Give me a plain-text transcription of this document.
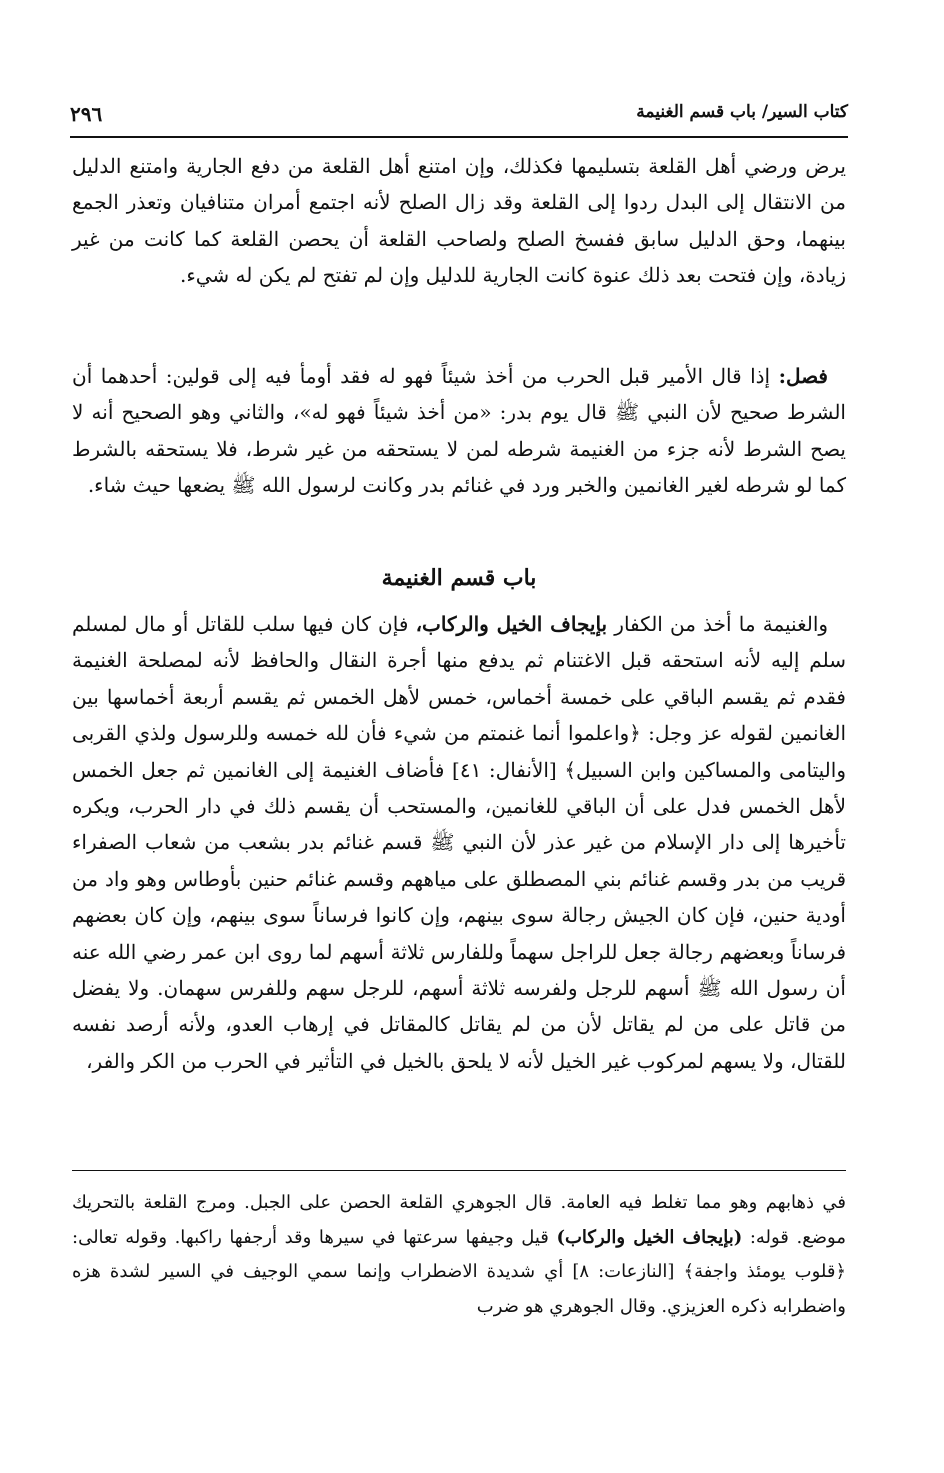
كتاب السير/ باب قسم الغنيمة
٢٩٦

يرض ورضي أهل القلعة بتسليمها فكذلك، وإن امتنع أهل القلعة من دفع الجارية وامتنع الدليل من الانتقال إلى البدل ردوا إلى القلعة وقد زال الصلح لأنه اجتمع أمران متنافيان وتعذر الجمع بينهما، وحق الدليل سابق ففسخ الصلح ولصاحب القلعة أن يحصن القلعة كما كانت من غير زيادة، وإن فتحت بعد ذلك عنوة كانت الجارية للدليل وإن لم تفتح لم يكن له شيء.

فصل: إذا قال الأمير قبل الحرب من أخذ شيئاً فهو له فقد أومأ فيه إلى قولين: أحدهما أن الشرط صحيح لأن النبي ﷺ قال يوم بدر: «من أخذ شيئاً فهو له»، والثاني وهو الصحيح أنه لا يصح الشرط لأنه جزء من الغنيمة شرطه لمن لا يستحقه من غير شرط، فلا يستحقه بالشرط كما لو شرطه لغير الغانمين والخبر ورد في غنائم بدر وكانت لرسول الله ﷺ يضعها حيث شاء.

باب قسم الغنيمة

والغنيمة ما أخذ من الكفار بإيجاف الخيل والركاب، فإن كان فيها سلب للقاتل أو مال لمسلم سلم إليه لأنه استحقه قبل الاغتنام ثم يدفع منها أجرة النقال والحافظ لأنه لمصلحة الغنيمة فقدم ثم يقسم الباقي على خمسة أخماس، خمس لأهل الخمس ثم يقسم أربعة أخماسها بين الغانمين لقوله عز وجل: ﴿واعلموا أنما غنمتم من شيء فأن لله خمسه وللرسول ولذي القربى واليتامى والمساكين وابن السبيل﴾ [الأنفال: ٤١] فأضاف الغنيمة إلى الغانمين ثم جعل الخمس لأهل الخمس فدل على أن الباقي للغانمين، والمستحب أن يقسم ذلك في دار الحرب، ويكره تأخيرها إلى دار الإسلام من غير عذر لأن النبي ﷺ قسم غنائم بدر بشعب من شعاب الصفراء قريب من بدر وقسم غنائم بني المصطلق على مياههم وقسم غنائم حنين بأوطاس وهو واد من أودية حنين، فإن كان الجيش رجالة سوى بينهم، وإن كانوا فرساناً سوى بينهم، وإن كان بعضهم فرساناً وبعضهم رجالة جعل للراجل سهماً وللفارس ثلاثة أسهم لما روى ابن عمر رضي الله عنه أن رسول الله ﷺ أسهم للرجل ولفرسه ثلاثة أسهم، للرجل سهم وللفرس سهمان. ولا يفضل من قاتل على من لم يقاتل لأن من لم يقاتل كالمقاتل في إرهاب العدو، ولأنه أرصد نفسه للقتال، ولا يسهم لمركوب غير الخيل لأنه لا يلحق بالخيل في التأثير في الحرب من الكر والفر،

في ذهابهم وهو مما تغلط فيه العامة. قال الجوهري القلعة الحصن على الجبل. ومرج القلعة بالتحريك موضع. قوله: (بإيجاف الخيل والركاب) قيل وجيفها سرعتها في سيرها وقد أرجفها راكبها. وقوله تعالى: ﴿قلوب يومئذ واجفة﴾ [النازعات: ٨] أي شديدة الاضطراب وإنما سمي الوجيف في السير لشدة هزه واضطرابه ذكره العزيزي. وقال الجوهري هو ضرب
